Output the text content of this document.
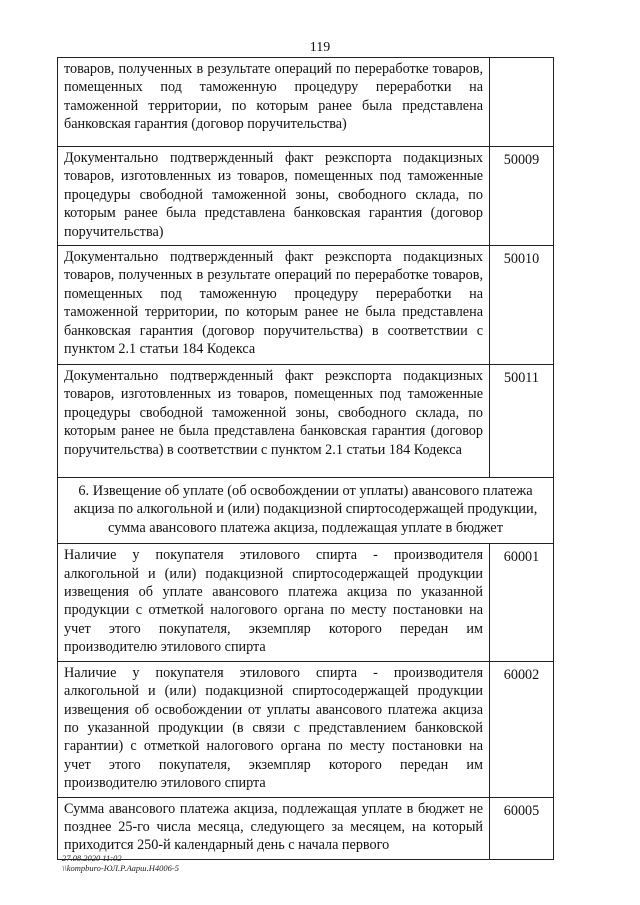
119
товаров, полученных в результате операций по переработке товаров, помещенных под таможенную процедуру переработки на таможенной территории, по которым ранее была представлена банковская гарантия (договор поручительства)	
Документально подтвержденный факт реэкспорта подакцизных товаров, изготовленных из товаров, помещенных под таможенные процедуры свободной таможенной зоны, свободного склада, по которым ранее была представлена банковская гарантия (договор поручительства)	50009
Документально подтвержденный факт реэкспорта подакцизных товаров, полученных в результате операций по переработке товаров, помещенных под таможенную процедуру переработки на таможенной территории, по которым ранее не была представлена банковская гарантия (договор поручительства) в соответствии с пунктом 2.1 статьи 184 Кодекса	50010
Документально подтвержденный факт реэкспорта подакцизных товаров, изготовленных из товаров, помещенных под таможенные процедуры свободной таможенной зоны, свободного склада, по которым ранее не была представлена банковская гарантия (договор поручительства) в соответствии с пунктом 2.1 статьи 184 Кодекса	50011
6. Извещение об уплате (об освобождении от уплаты) авансового платежа акциза по алкогольной и (или) подакцизной спиртосодержащей продукции, сумма авансового платежа акциза, подлежащая уплате в бюджет	
Наличие у покупателя этилового спирта - производителя алкогольной и (или) подакцизной спиртосодержащей продукции извещения об уплате авансового платежа акциза по указанной продукции с отметкой налогового органа по месту постановки на учет этого покупателя, экземпляр которого передан им производителю этилового спирта	60001
Наличие у покупателя этилового спирта - производителя алкогольной и (или) подакцизной спиртосодержащей продукции извещения об освобождении от уплаты авансового платежа акциза по указанной продукции (в связи с представлением банковской гарантии) с отметкой налогового органа по месту постановки на учет этого покупателя, экземпляр которого передан им производителю этилового спирта	60002
Сумма авансового платежа акциза, подлежащая уплате в бюджет не позднее 25-го числа месяца, следующего за месяцем, на который приходится 250-й календарный день с начала первого	60005
27.08.2020 11:02
\\kompburo-ЮЛ.Р.Аарш.Н4006-5
